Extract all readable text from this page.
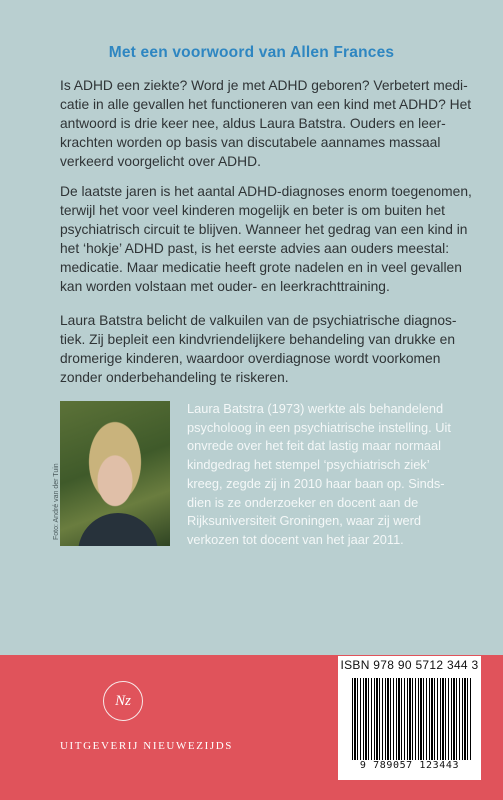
Met een voorwoord van Allen Frances
Is ADHD een ziekte? Word je met ADHD geboren? Verbetert medi-
catie in alle gevallen het functioneren van een kind met ADHD? Het
antwoord is drie keer nee, aldus Laura Batstra. Ouders en leer-
krachten worden op basis van discutabele aannames massaal
verkeerd voorgelicht over ADHD.
De laatste jaren is het aantal ADHD-diagnoses enorm toegenomen,
terwijl het voor veel kinderen mogelijk en beter is om buiten het
psychiatrisch circuit te blijven. Wanneer het gedrag van een kind in
het ‘hokje’ ADHD past, is het eerste advies aan ouders meestal:
medicatie. Maar medicatie heeft grote nadelen en in veel gevallen
kan worden volstaan met ouder- en leerkrachttraining.
Laura Batstra belicht de valkuilen van de psychiatrische diagnos-
tiek. Zij bepleit een kindvriendelijkere behandeling van drukke en
dromerige kinderen, waardoor overdiagnose wordt voorkomen
zonder onderbehandeling te riskeren.
Foto: André van der Tuin
Laura Batstra (1973) werkte als behandelend
psycholoog in een psychiatrische instelling. Uit
onvrede over het feit dat lastig maar normaal
kindgedrag het stempel ‘psychiatrisch ziek’
kreeg, zegde zij in 2010 haar baan op. Sinds-
dien is ze onderzoeker en docent aan de
Rijksuniversiteit Groningen, waar zij werd
verkozen tot docent van het jaar 2011.
ISBN 978 90 5712 344 3
9 789057 123443
Nz
UITGEVERIJ NIEUWEZIJDS
